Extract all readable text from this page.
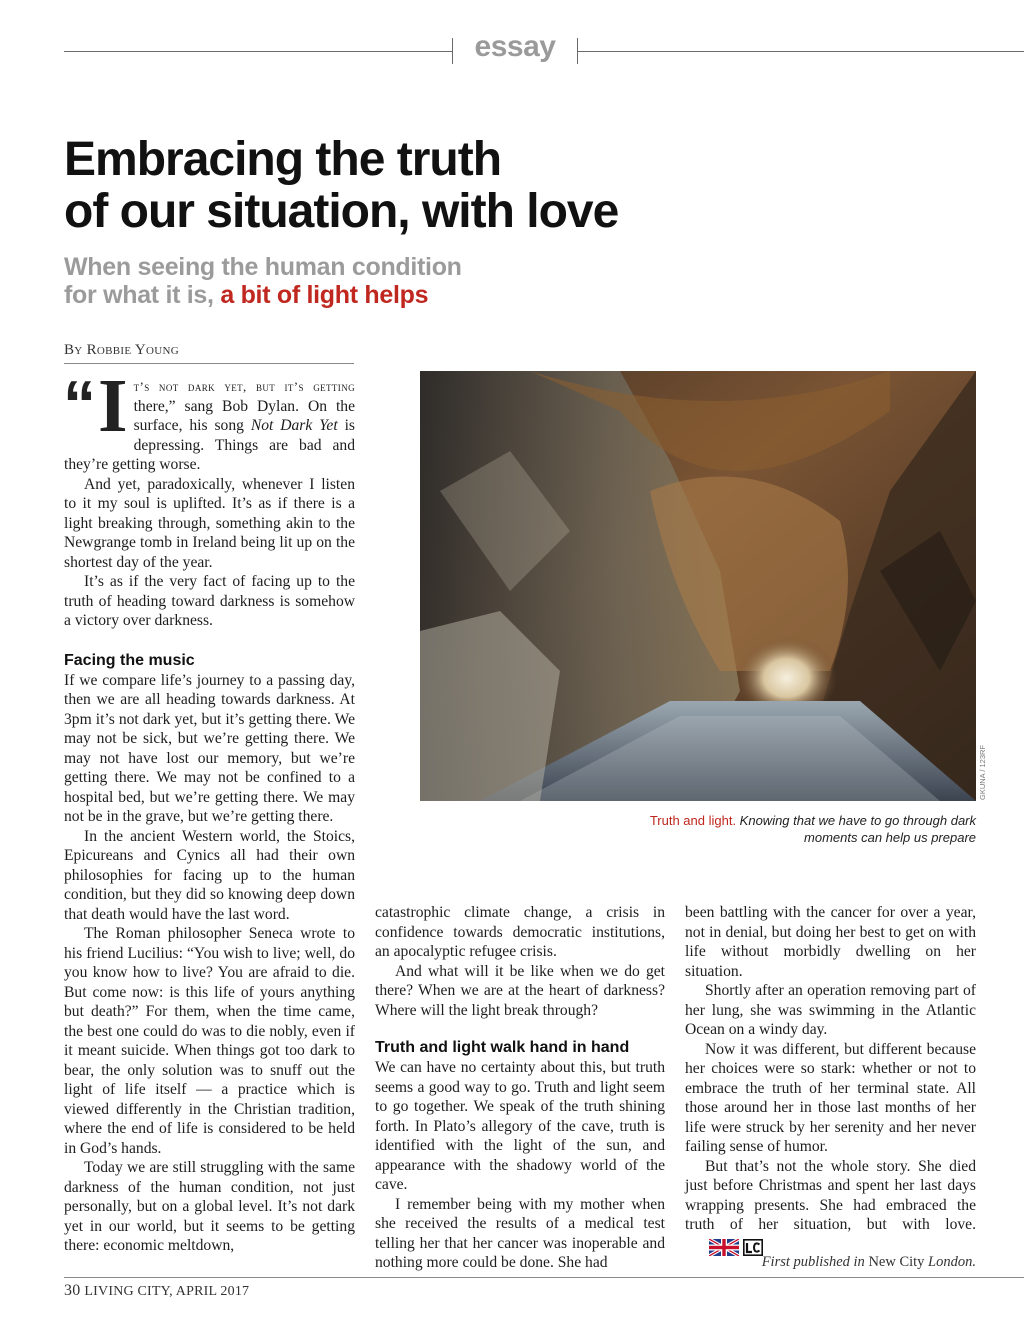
essay
Embracing the truth
of our situation, with love
When seeing the human condition
for what it is, a bit of light helps
By Robbie Young

“ I t’s not dark yet, but it’s getting there,” sang Bob Dylan. On the surface, his song Not Dark Yet is depressing. Things are bad and they’re getting worse.

And yet, paradoxically, whenever I listen to it my soul is uplifted. It’s as if there is a light breaking through, something akin to the Newgrange tomb in Ireland being lit up on the shortest day of the year.

It’s as if the very fact of facing up to the truth of heading toward darkness is somehow a victory over darkness.

Facing the music

If we compare life’s journey to a passing day, then we are all heading towards darkness. At 3pm it’s not dark yet, but it’s getting there. We may not be sick, but we’re getting there. We may not have lost our memory, but we’re getting there. We may not be confined to a hospital bed, but we’re getting there. We may not be in the grave, but we’re getting there.

In the ancient Western world, the Stoics, Epicureans and Cynics all had their own philosophies for facing up to the human condition, but they did so knowing deep down that death would have the last word.

The Roman philosopher Seneca wrote to his friend Lucilius: “You wish to live; well, do you know how to live? You are afraid to die. But come now: is this life of yours anything but death?” For them, when the time came, the best one could do was to die nobly, even if it meant suicide. When things got too dark to bear, the only solution was to snuff out the light of life itself — a practice which is viewed differently in the Christian tradition, where the end of life is considered to be held in God’s hands.

Today we are still struggling with the same darkness of the human condition, not just personally, but on a global level. It’s not dark yet in our world, but it seems to be getting there: economic meltdown,

GKUNA / 123RF
Truth and light. Knowing that we have to go through dark moments can help us prepare

catastrophic climate change, a crisis in confidence towards democratic institutions, an apocalyptic refugee crisis.

And what will it be like when we do get there? When we are at the heart of darkness? Where will the light break through?

Truth and light walk hand in hand

We can have no certainty about this, but truth seems a good way to go. Truth and light seem to go together. We speak of the truth shining forth. In Plato’s allegory of the cave, truth is identified with the light of the sun, and appearance with the shadowy world of the cave.

I remember being with my mother when she received the results of a medical test telling her that her cancer was inoperable and nothing more could be done. She had

been battling with the cancer for over a year, not in denial, but doing her best to get on with life without morbidly dwelling on her situation.

Shortly after an operation removing part of her lung, she was swimming in the Atlantic Ocean on a windy day.

Now it was different, but different because her choices were so stark: whether or not to embrace the truth of her terminal state. All those around her in those last months of her life were struck by her serenity and her never failing sense of humor.

But that’s not the whole story. She died just before Christmas and spent her last days wrapping presents. She had embraced the truth of her situation, but with love.

First published in New City London.
30 LIVING CITY, APRIL 2017
